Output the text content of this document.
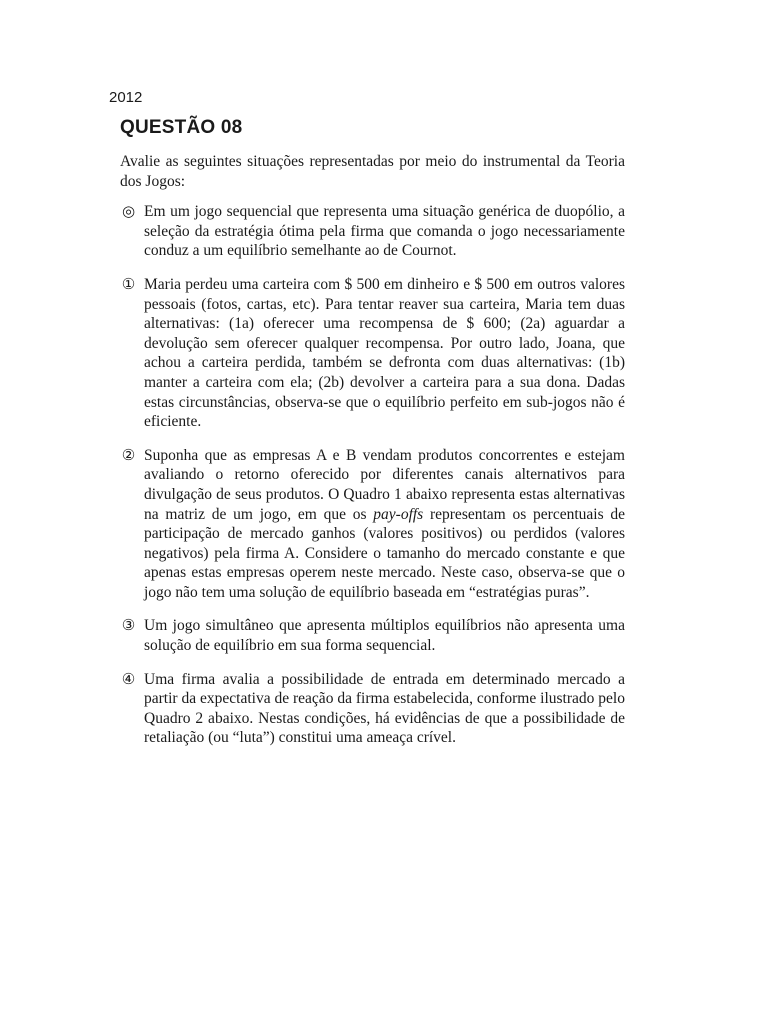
2012
QUESTÃO 08

Avalie as seguintes situações representadas por meio do instrumental da Teoria dos Jogos:

◎ Em um jogo sequencial que representa uma situação genérica de duopólio, a seleção da estratégia ótima pela firma que comanda o jogo necessariamente conduz a um equilíbrio semelhante ao de Cournot.
① Maria perdeu uma carteira com $ 500 em dinheiro e $ 500 em outros valores pessoais (fotos, cartas, etc). Para tentar reaver sua carteira, Maria tem duas alternativas: (1a) oferecer uma recompensa de $ 600; (2a) aguardar a devolução sem oferecer qualquer recompensa. Por outro lado, Joana, que achou a carteira perdida, também se defronta com duas alternativas: (1b) manter a carteira com ela; (2b) devolver a carteira para a sua dona. Dadas estas circunstâncias, observa-se que o equilíbrio perfeito em sub-jogos não é eficiente.
② Suponha que as empresas A e B vendam produtos concorrentes e estejam avaliando o retorno oferecido por diferentes canais alternativos para divulgação de seus produtos. O Quadro 1 abaixo representa estas alternativas na matriz de um jogo, em que os pay-offs representam os percentuais de participação de mercado ganhos (valores positivos) ou perdidos (valores negativos) pela firma A. Considere o tamanho do mercado constante e que apenas estas empresas operem neste mercado. Neste caso, observa-se que o jogo não tem uma solução de equilíbrio baseada em “estratégias puras”.
③ Um jogo simultâneo que apresenta múltiplos equilíbrios não apresenta uma solução de equilíbrio em sua forma sequencial.
④ Uma firma avalia a possibilidade de entrada em determinado mercado a partir da expectativa de reação da firma estabelecida, conforme ilustrado pelo Quadro 2 abaixo. Nestas condições, há evidências de que a possibilidade de retaliação (ou “luta”) constitui uma ameaça crível.
